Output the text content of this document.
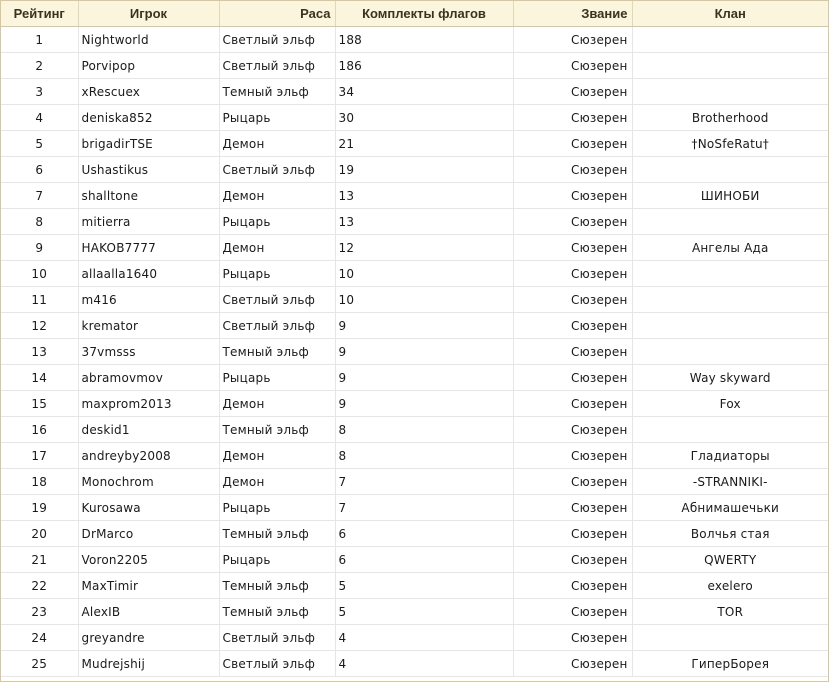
Рейтинг	Игрок	Раса	Комплекты флагов	Звание	Клан
1	Nightworld	Светлый эльф	188	Сюзерен	
2	Porvipop	Светлый эльф	186	Сюзерен	
3	xRescuex	Темный эльф	34	Сюзерен	
4	deniska852	Рыцарь	30	Сюзерен	Brotherhood
5	brigadirTSE	Демон	21	Сюзерен	†NoSfeRatu†
6	Ushastikus	Светлый эльф	19	Сюзерен	
7	shalltone	Демон	13	Сюзерен	ШИНОБИ
8	mitierra	Рыцарь	13	Сюзерен	
9	HAKOB7777	Демон	12	Сюзерен	Ангелы Ада
10	allaalla1640	Рыцарь	10	Сюзерен	
11	m416	Светлый эльф	10	Сюзерен	
12	kremator	Светлый эльф	9	Сюзерен	
13	37vmsss	Темный эльф	9	Сюзерен	
14	abramovmov	Рыцарь	9	Сюзерен	Way skyward
15	maxprom2013	Демон	9	Сюзерен	Fox
16	deskid1	Темный эльф	8	Сюзерен	
17	andreyby2008	Демон	8	Сюзерен	Гладиаторы
18	Monochrom	Демон	7	Сюзерен	-STRANNIKI-
19	Kurosawa	Рыцарь	7	Сюзерен	Абнимашечьки
20	DrMarco	Темный эльф	6	Сюзерен	Волчья стая
21	Voron2205	Рыцарь	6	Сюзерен	QWERTY
22	MaxTimir	Темный эльф	5	Сюзерен	exelero
23	AlexIB	Темный эльф	5	Сюзерен	TOR
24	greyandre	Светлый эльф	4	Сюзерен	
25	Mudrejshij	Светлый эльф	4	Сюзерен	ГиперБорея
